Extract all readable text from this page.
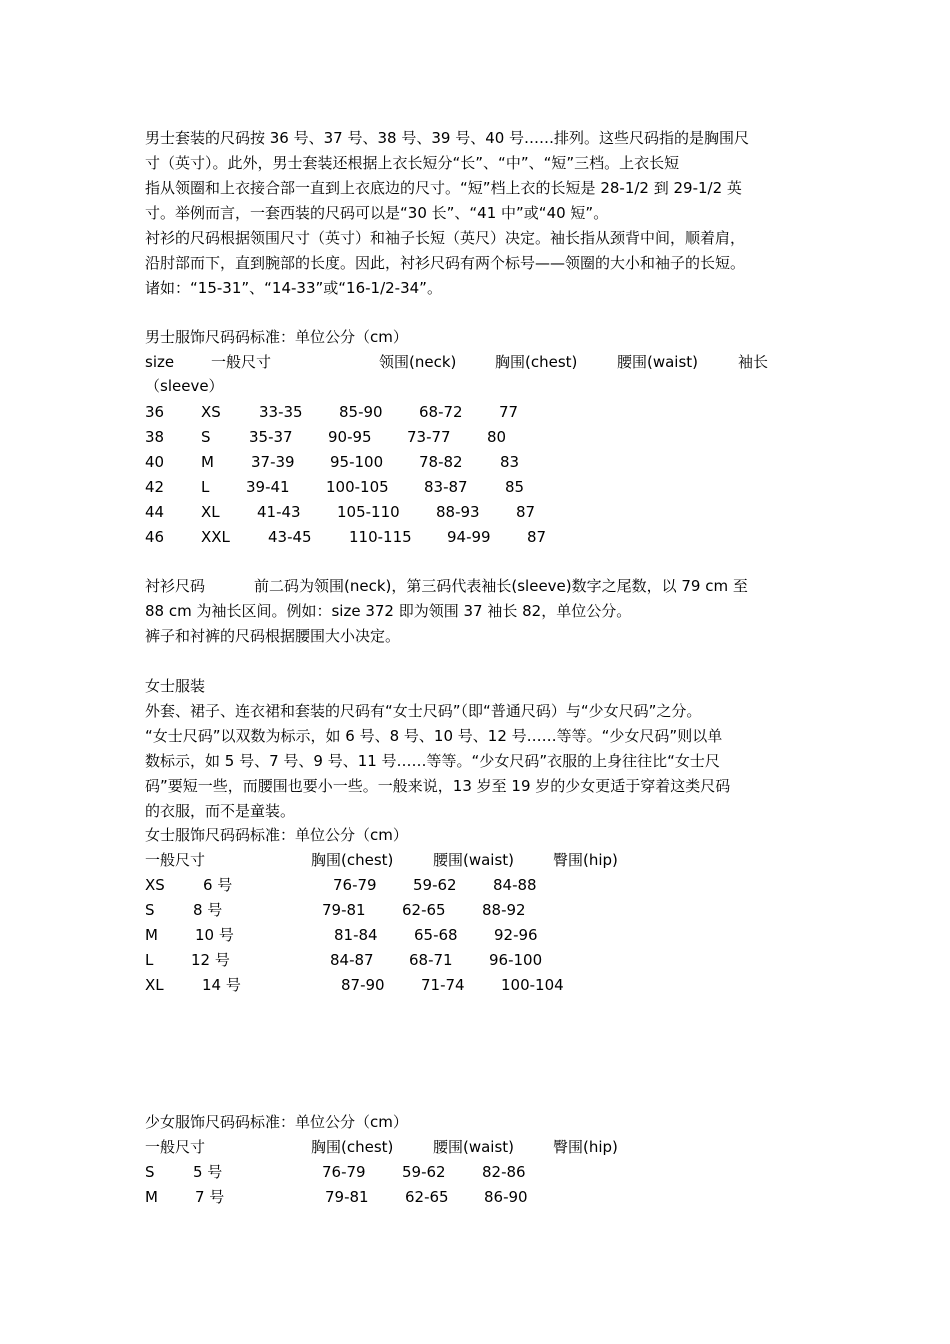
男士套装的尺码按 36 号、37 号、38 号、39 号、40 号……排列。这些尺码指的是胸围尺
寸（英寸）。此外，男士套装还根据上衣长短分“长”、“中”、“短”三档。上衣长短
指从领圈和上衣接合部一直到上衣底边的尺寸。“短”档上衣的长短是 28-1/2 到 29-1/2 英
寸。举例而言，一套西装的尺码可以是“30 长”、“41 中”或“40 短”。
衬衫的尺码根据领围尺寸（英寸）和袖子长短（英尺）决定。袖长指从颈背中间，顺着肩，
沿肘部而下，直到腕部的长度。因此，衬衫尺码有两个标号——领圈的大小和袖子的长短。
诸如：“15-31”、“14-33”或“16-1/2-34”。
男士服饰尺码码标准：单位公分（cm）
size 一般尺寸	领围(neck)	胸围(chest)	腰围(waist)	袖长
（sleeve）
36 XS	33-35 85-90 68-72 77
38 S	35-37 90-95 73-77 80
40 M 37-39 95-100 78-82 83
42 L 39-41 100-105 83-87 85
44 XL 41-43 105-110 88-93 87
46 XXL	43-45 110-115 94-99 87
衬衫尺码	前二码为领围(neck)，第三码代表袖长(sleeve)数字之尾数，以 79 cm 至
88 cm 为袖长区间。例如：size 372 即为领围 37 袖长 82，单位公分。
裤子和衬裤的尺码根据腰围大小决定。
女士服装
外套、裙子、连衣裙和套装的尺码有“女士尺码”（即“普通尺码）与“少女尺码”之分。
“女士尺码”以双数为标示，如 6 号、8 号、10 号、12 号……等等。“少女尺码”则以单
数标示，如 5 号、7 号、9 号、11 号……等等。“少女尺码”衣服的上身往往比“女士尺
码”要短一些，而腰围也要小一些。一般来说，13 岁至 19 岁的少女更适于穿着这类尺码
的衣服，而不是童装。
女士服饰尺码码标准：单位公分（cm）
一般尺寸	胸围(chest)	腰围(waist)	臀围(hip)
XS	6 号	76-79 59-62 84-88
S	8 号	79-81 62-65 88-92
M 10 号	81-84 65-68 92-96
L	12 号	84-87 68-71 96-100
XL	14 号	87-90 71-74 100-104
少女服饰尺码码标准：单位公分（cm）
一般尺寸	胸围(chest)	腰围(waist)	臀围(hip)
S	5 号	76-79 59-62 82-86
M 7 号	79-81 62-65 86-90
